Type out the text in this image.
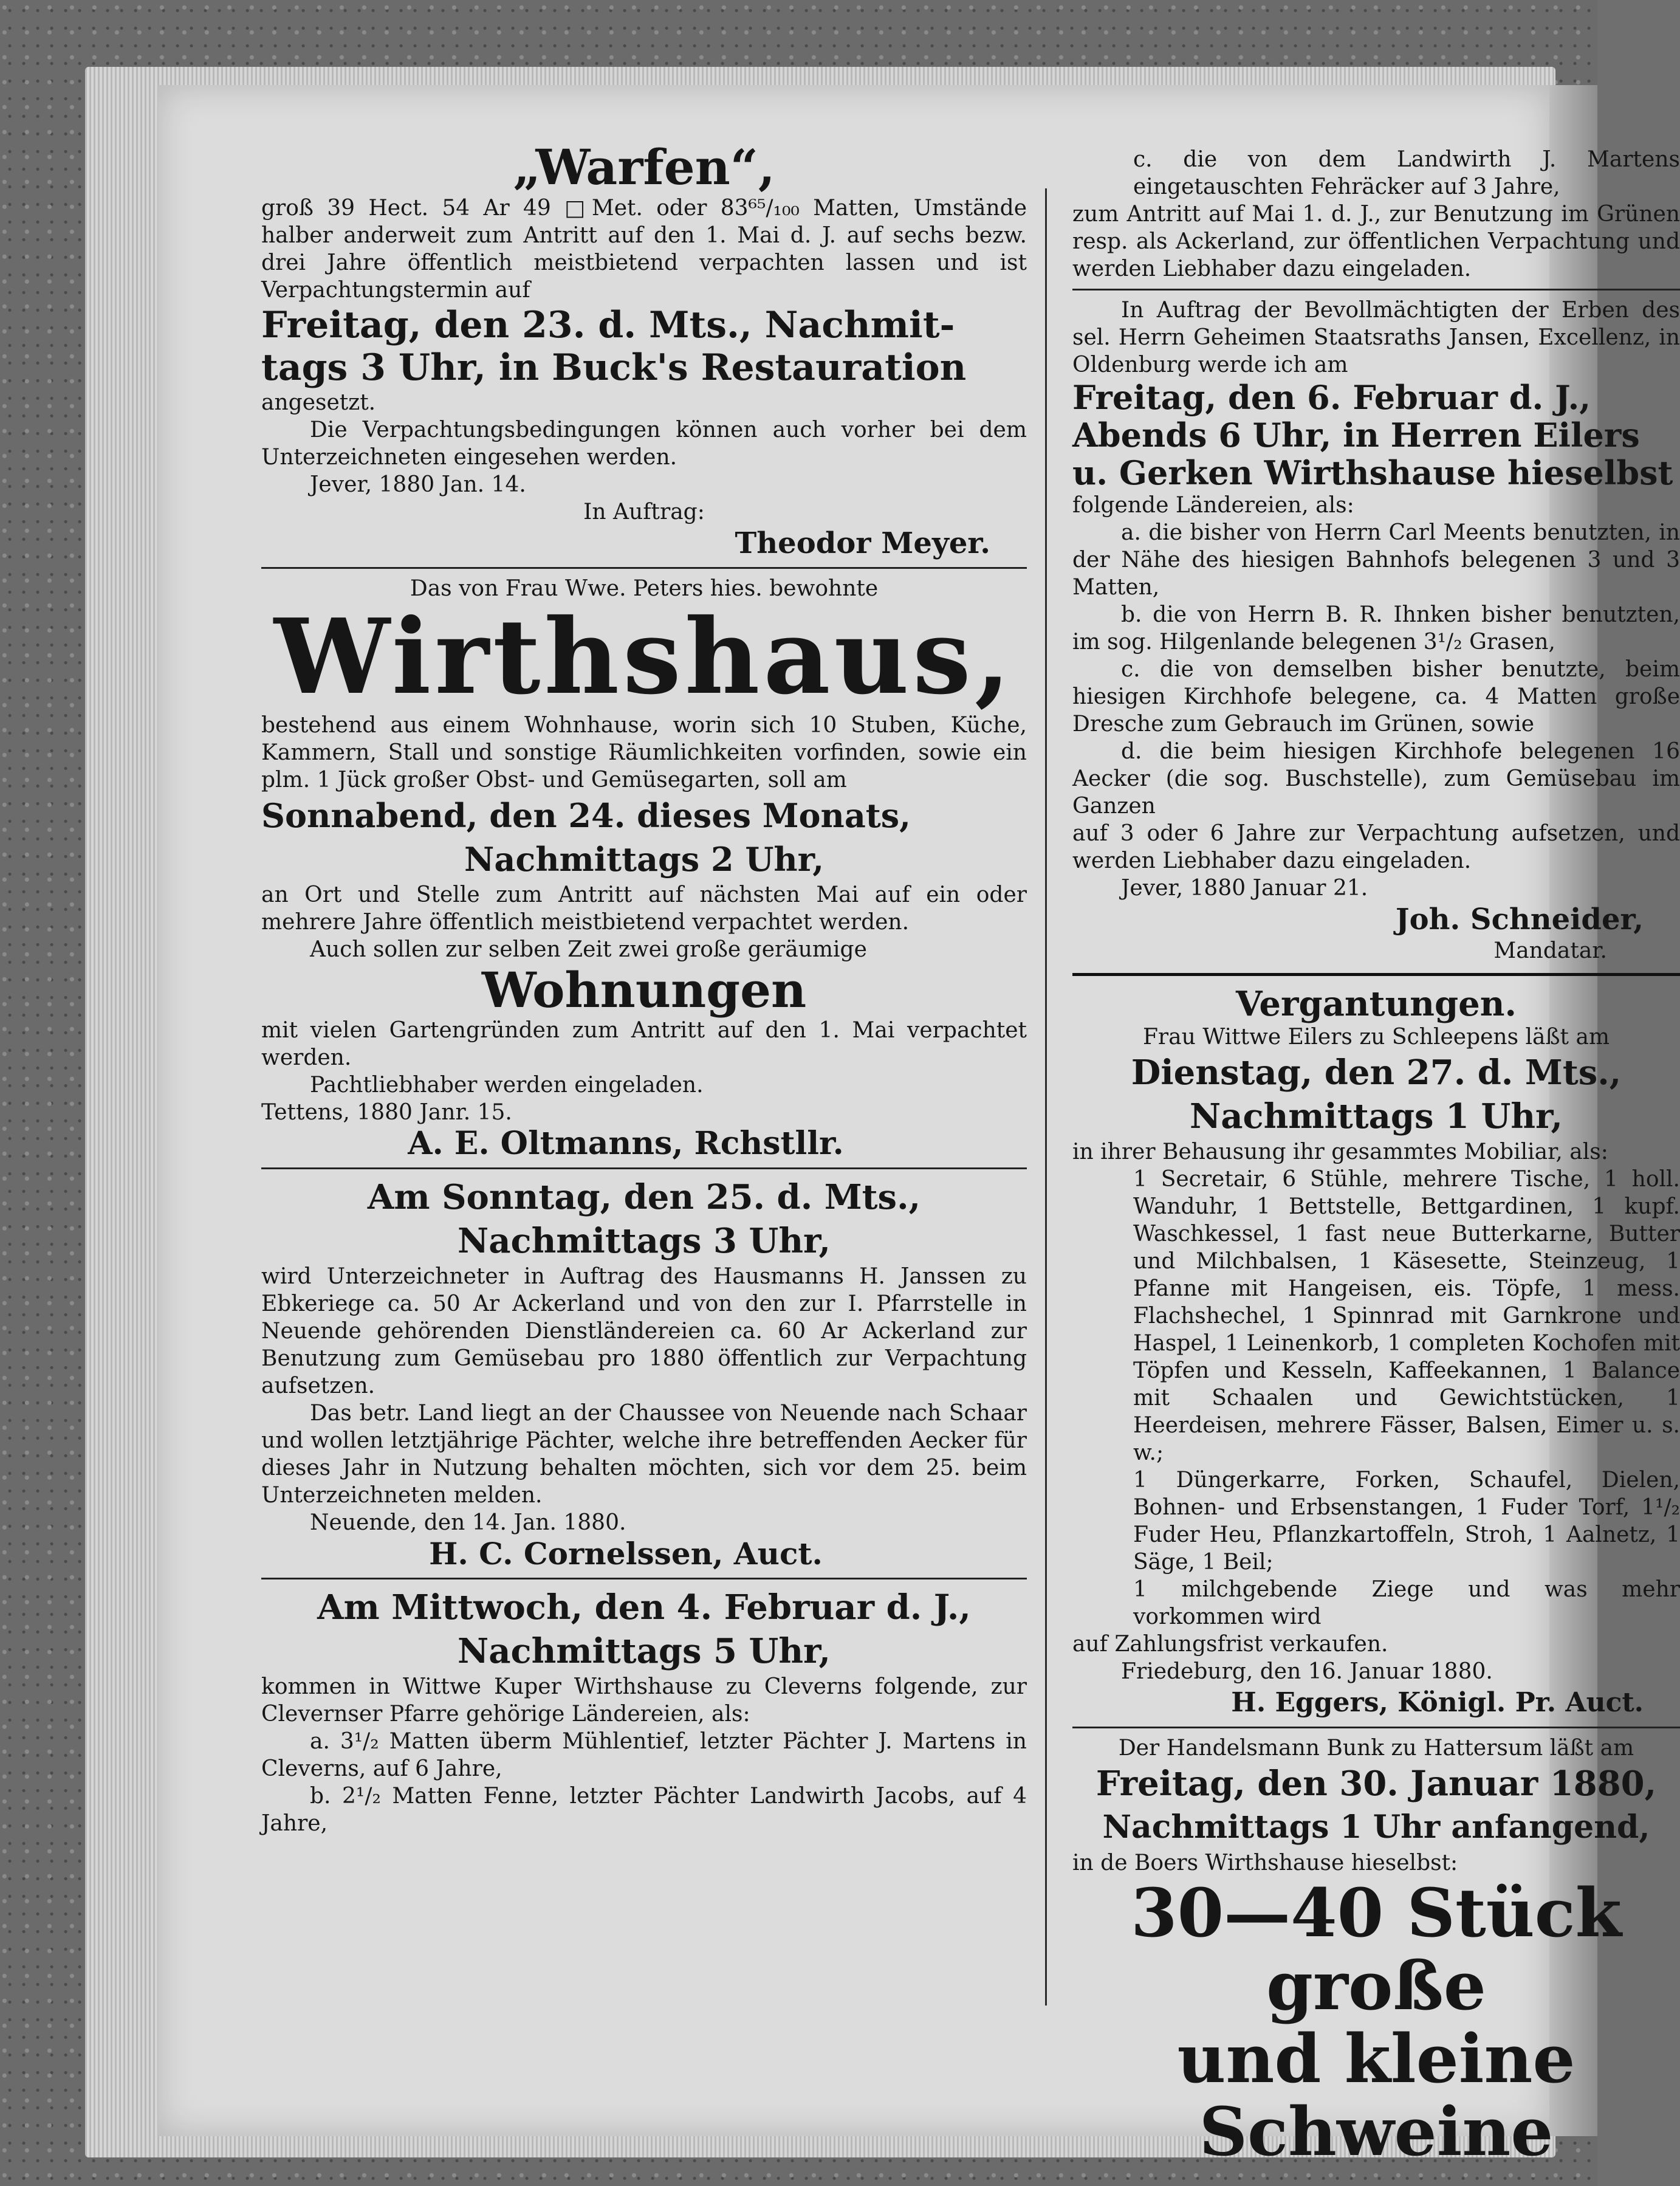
„Warfen“,

groß 39 Hect. 54 Ar 49 □Met. oder 83⁶⁵/₁₀₀ Matten, Umstände halber anderweit zum Antritt auf den 1. Mai d. J. auf sechs bezw. drei Jahre öffentlich meistbietend verpachten lassen und ist Verpachtungstermin auf

Freitag, den 23. d. Mts., Nachmit-

tags 3 Uhr, in Buck's Restauration

angesetzt.

Die Verpachtungsbedingungen können auch vorher bei dem Unterzeichneten eingesehen werden.

Jever, 1880 Jan. 14.

In Auftrag:

Theodor Meyer.

Das von Frau Wwe. Peters hies. bewohnte

Wirthshaus,

bestehend aus einem Wohnhause, worin sich 10 Stuben, Küche, Kammern, Stall und sonstige Räumlichkeiten vorfinden, sowie ein plm. 1 Jück großer Obst- und Gemüsegarten, soll am

Sonnabend, den 24. dieses Monats,

Nachmittags 2 Uhr,

an Ort und Stelle zum Antritt auf nächsten Mai auf ein oder mehrere Jahre öffentlich meistbietend verpachtet werden.

Auch sollen zur selben Zeit zwei große geräumige

Wohnungen

mit vielen Gartengründen zum Antritt auf den 1. Mai verpachtet werden.

Pachtliebhaber werden eingeladen.

Tettens, 1880 Janr. 15.

A. E. Oltmanns, Rchstllr.

Am Sonntag, den 25. d. Mts.,

Nachmittags 3 Uhr,

wird Unterzeichneter in Auftrag des Hausmanns H. Janssen zu Ebkeriege ca. 50 Ar Ackerland und von den zur I. Pfarrstelle in Neuende gehörenden Dienstländereien ca. 60 Ar Ackerland zur Benutzung zum Gemüsebau pro 1880 öffentlich zur Verpachtung aufsetzen.

Das betr. Land liegt an der Chaussee von Neuende nach Schaar und wollen letztjährige Pächter, welche ihre betreffenden Aecker für dieses Jahr in Nutzung behalten möchten, sich vor dem 25. beim Unterzeichneten melden.

Neuende, den 14. Jan. 1880.

H. C. Cornelssen, Auct.

Am Mittwoch, den 4. Februar d. J.,

Nachmittags 5 Uhr,

kommen in Wittwe Kuper Wirthshause zu Cleverns folgende, zur Clevernser Pfarre gehörige Ländereien, als:

a. 3¹/₂ Matten überm Mühlentief, letzter Pächter J. Martens in Cleverns, auf 6 Jahre,

b. 2¹/₂ Matten Fenne, letzter Pächter Landwirth Jacobs, auf 4 Jahre,

c. die von dem Landwirth J. Martens eingetauschten Fehräcker auf 3 Jahre,

zum Antritt auf Mai 1. d. J., zur Benutzung im Grünen resp. als Ackerland, zur öffentlichen Verpachtung und werden Liebhaber dazu eingeladen.

In Auftrag der Bevollmächtigten der Erben des sel. Herrn Geheimen Staatsraths Jansen, Excellenz, in Oldenburg werde ich am

Freitag, den 6. Februar d. J.,

Abends 6 Uhr, in Herren Eilers

u. Gerken Wirthshause hieselbst

folgende Ländereien, als:

a. die bisher von Herrn Carl Meents benutzten, in der Nähe des hiesigen Bahnhofs belegenen 3 und 3 Matten,

b. die von Herrn B. R. Ihnken bisher benutzten, im sog. Hilgenlande belegenen 3¹/₂ Grasen,

c. die von demselben bisher benutzte, beim hiesigen Kirchhofe belegene, ca. 4 Matten große Dresche zum Gebrauch im Grünen, sowie

d. die beim hiesigen Kirchhofe belegenen 16 Aecker (die sog. Buschstelle), zum Gemüsebau im Ganzen

auf 3 oder 6 Jahre zur Verpachtung aufsetzen, und werden Liebhaber dazu eingeladen.

Jever, 1880 Januar 21.

Joh. Schneider,

Mandatar.

Vergantungen.

Frau Wittwe Eilers zu Schleepens läßt am

Dienstag, den 27. d. Mts.,

Nachmittags 1 Uhr,

in ihrer Behausung ihr gesammtes Mobiliar, als:

1 Secretair, 6 Stühle, mehrere Tische, 1 holl. Wanduhr, 1 Bettstelle, Bettgardinen, 1 kupf. Waschkessel, 1 fast neue Butterkarne, Butter und Milchbalsen, 1 Käsesette, Steinzeug, 1 Pfanne mit Hangeisen, eis. Töpfe, 1 mess. Flachshechel, 1 Spinnrad mit Garnkrone und Haspel, 1 Leinenkorb, 1 completen Kochofen mit Töpfen und Kesseln, Kaffeekannen, 1 Balance mit Schaalen und Gewichtstücken, 1 Heerdeisen, mehrere Fässer, Balsen, Eimer u. s. w.;

1 Düngerkarre, Forken, Schaufel, Dielen, Bohnen- und Erbsenstangen, 1 Fuder Torf, 1¹/₂ Fuder Heu, Pflanzkartoffeln, Stroh, 1 Aalnetz, 1 Säge, 1 Beil;

1 milchgebende Ziege und was mehr vorkommen wird

auf Zahlungsfrist verkaufen.

Friedeburg, den 16. Januar 1880.

H. Eggers, Königl. Pr. Auct.

Der Handelsmann Bunk zu Hattersum läßt am

Freitag, den 30. Januar 1880,

Nachmittags 1 Uhr anfangend,

in de Boers Wirthshause hieselbst:

30—40 Stück große

und kleine Schweine
